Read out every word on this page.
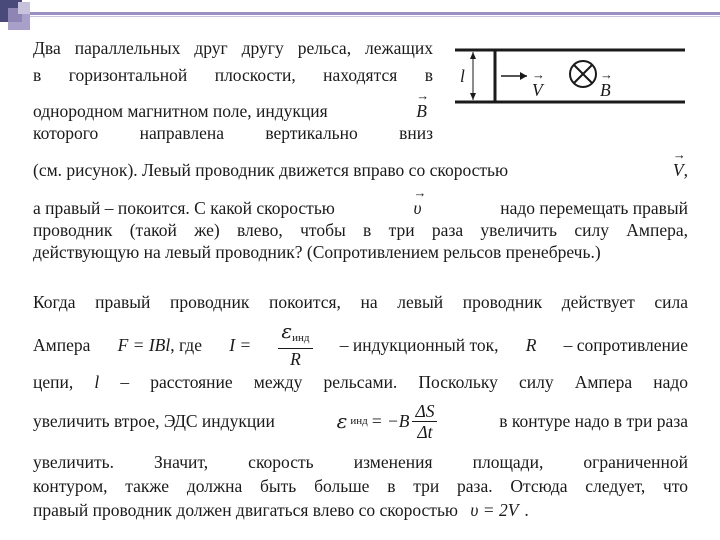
Два параллельных друг другу рельса, лежащих
в горизонтальной плоскости, находятся в
однородном магнитном поле, индукция	→ B
которого направлена вертикально вниз
l
→ V	→ B
(см. рисунок). Левый проводник движется вправо со скоростью	→ V,
а правый – покоится. С какой скоростью	→ υ	надо перемещать правый
проводник (такой же) влево, чтобы в три раза увеличить силу Ампера,
действующую на левый проводник? (Сопротивлением рельсов пренебречь.)
Когда правый проводник покоится, на левый проводник действует сила
Ампера F = IBl, где $I = \frac{\varepsilon_{инд}}{R}$ – индукционный ток, R – сопротивление
цепи, l – расстояние между рельсами. Поскольку силу Ампера надо
увеличить втрое, ЭДС индукции	ε инд = $-B \frac{\Delta S}{\Delta t}$	в контуре надо в три раза
увеличить. Значит, скорость изменения площади, ограниченной
контуром, также должна быть больше в три раза. Отсюда следует, что
правый проводник должен двигаться влево со скоростью υ = 2V .
